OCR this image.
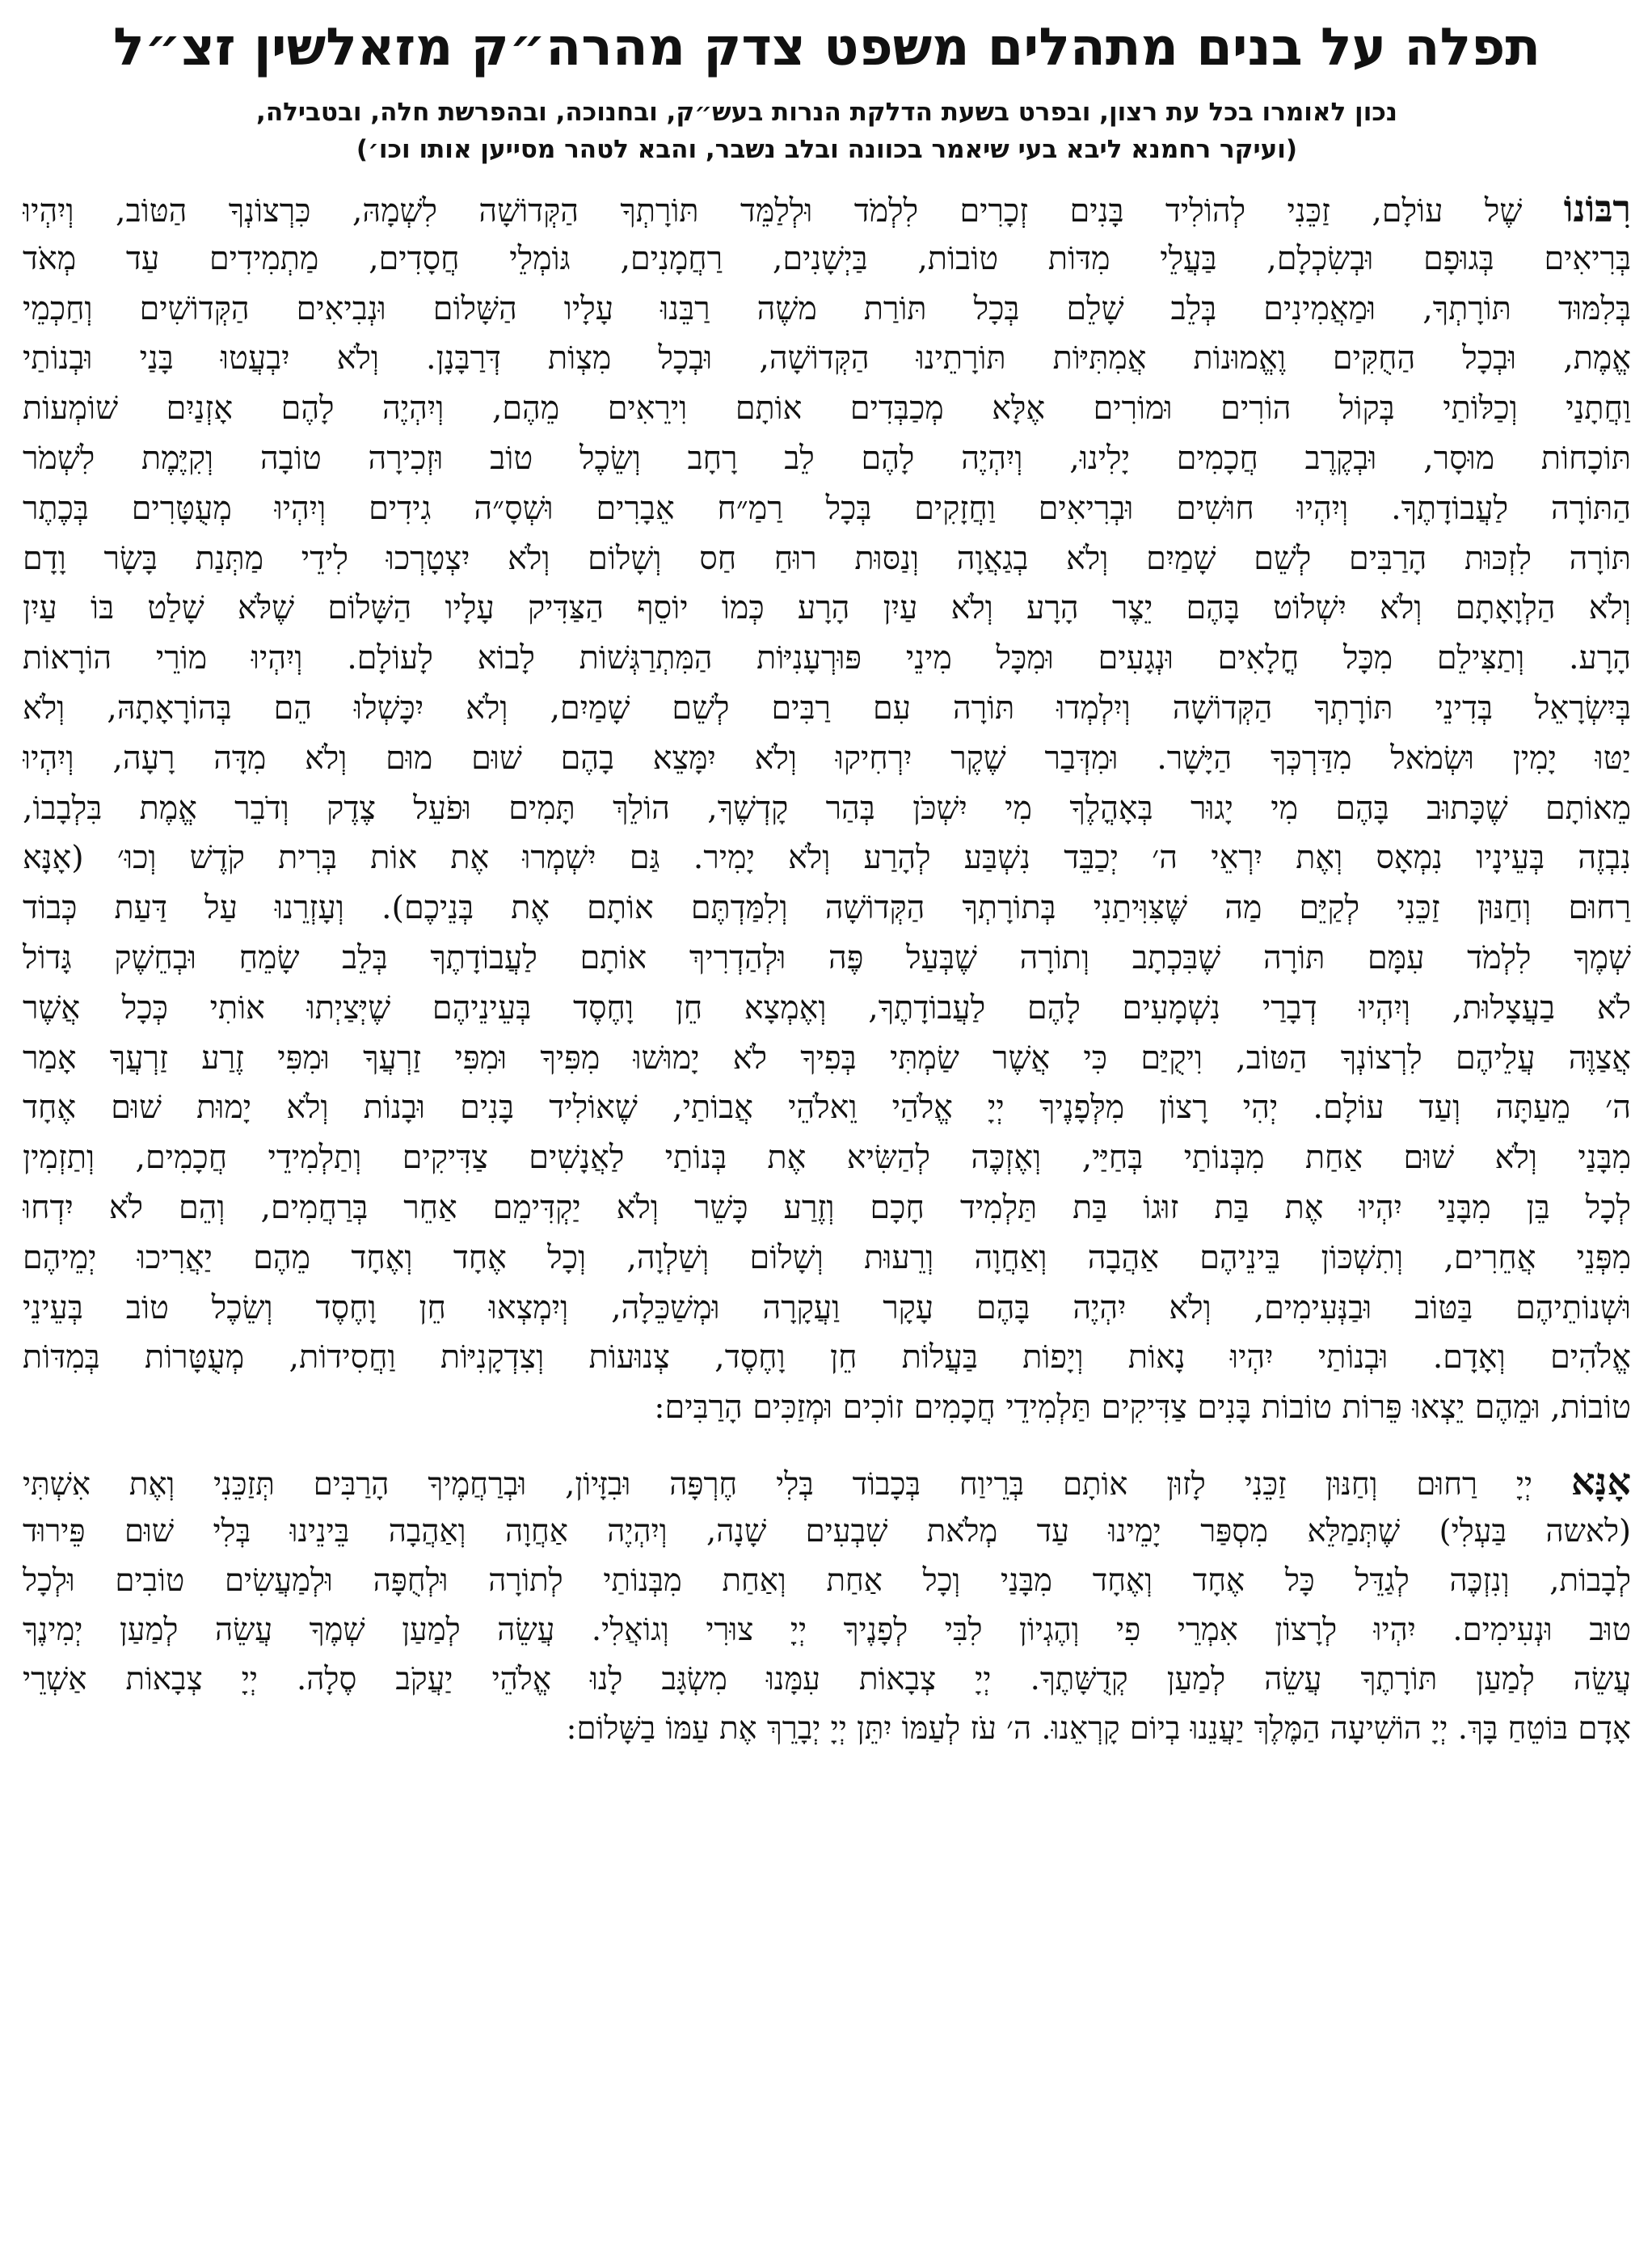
תפלה על בנים מתהלים משפט צדק מהרה״ק מזאלשין זצ״ל
נכון לאומרו בכל עת רצון, ובפרט בשעת הדלקת הנרות בעש״ק, ובחנוכה, ובהפרשת חלה, ובטבילה,
(ועיקר רחמנא ליבא בעי שיאמר בכוונה ובלב נשבר, והבא לטהר מסייען אותו וכו׳)
רִבּוֹנוֹ שֶׁל עוֹלָם, זַכֵּנִי לְהוֹלִיד בָּנִים זְכָרִים לִלְמֹד וּלְלַמֵּד תּוֹרָתְךָ הַקְּדוֹשָׁה לִשְׁמָהּ, כִּרְצוֹנְךָ הַטּוֹב, וְיִהְיוּ
בְּרִיאִים בְּגוּפָם וּבְשִׂכְלָם, בַּעֲלֵי מִדּוֹת טוֹבוֹת, בַּיְשָׁנִים, רַחֲמָנִים, גּוֹמְלֵי חֲסָדִים, מַתְמִידִים עַד מְאֹד
בְּלִמּוּד תּוֹרָתְךָ, וּמַאֲמִינִים בְּלֵב שָׁלֵם בְּכָל תּוֹרַת משֶׁה רַבֵּנוּ עָלָיו הַשָּׁלוֹם וּנְבִיאִים הַקְּדוֹשִׁים וְחַכְמֵי
אֱמֶת, וּבְכָל הַחֻקִּים וֶאֱמוּנוֹת אֲמִתִּיּוֹת תּוֹרָתֵינוּ הַקְּדוֹשָׁה, וּבְכָל מִצְוֹת דְּרַבָּנָן. וְלֹא יִבְעֲטוּ בָּנַי וּבְנוֹתַי
וַחֲתָנַי וְכַלּוֹתַי בְּקוֹל הוֹרִים וּמוֹרִים אֶלָּא מְכַבְּדִים אוֹתָם וִירֵאִים מֵהֶם, וְיִהְיֶה לָהֶם אָזְנַיִם שׁוֹמְעוֹת
תּוֹכָחוֹת מוּסָר, וּבְקֶרֶב חֲכָמִים יָלִינוּ, וְיִהְיֶה לָהֶם לֵב רָחָב וְשֵׂכֶל טוֹב וּזְכִירָה טוֹבָה וְקִיֶּמֶת לִשְׁמֹר
הַתּוֹרָה לַעֲבוֹדָתֶךָ. וְיִהְיוּ חוּשִׁים וּבְרִיאִים וַחֲזָקִים בְּכָל רַמַ״ח אֵבָרִים וּשְׁסָ״ה גִידִים וְיִהְיוּ מְעֻטָּרִים בְּכֶתֶר
תּוֹרָה לִזְכּוּת הָרַבִּים לְשֵׁם שָׁמַיִם וְלֹא בְגַאֲוָה וְנַסּוּת רוּחַ חַס וְשָׁלוֹם וְלֹא יִצְטָרְכוּ לִידֵי מַתְּנַת בָּשָׂר וָדָם
וְלֹא הַלְוָאָתָם וְלֹא יִשְׁלוֹט בָּהֶם יֵצֶר הָרָע וְלֹא עַיִן הָרָע כְּמוֹ יוֹסֵף הַצַּדִּיק עָלָיו הַשָּׁלוֹם שֶׁלֹּא שָׁלַט בּוֹ עַיִן
הָרָע. וְתַצִּילֵם מִכָּל חֳלָאִים וּנְגָעִים וּמִכָּל מִינֵי פּוּרְעָנִיּוֹת הַמִּתְרַגְּשׁוֹת לָבוֹא לָעוֹלָם. וְיִהְיוּ מוֹרֵי הוֹרָאוֹת
בְּיִשְׂרָאֵל בְּדִינֵי תּוֹרָתְךָ הַקְּדוֹשָׁה וְיִלְמְדוּ תּוֹרָה עִם רַבִּים לְשֵׁם שָׁמַיִם, וְלֹא יִכָּשְׁלוּ הֵם בְּהוֹרָאָתָהּ, וְלֹא
יַטּוּ יָמִין וּשְׂמֹאל מִדַּרְכְּךָ הַיָּשָׁר. וּמִדְּבַר שֶׁקֶר יִרְחִיקוּ וְלֹא יִמָּצֵא בָהֶם שׁוּם מוּם וְלֹא מִדָּה רָעָה, וְיִהְיוּ
מֵאוֹתָם שֶׁכָּתוּב בָּהֶם מִי יָגוּר בְּאָהֳלֶךָ מִי יִשְׁכֹּן בְּהַר קָדְשֶׁךָ, הוֹלֵךְ תָּמִים וּפֹעֵל צֶדֶק וְדֹבֵר אֱמֶת בִּלְבָבוֹ,
נִבְזֶה בְּעֵינָיו נִמְאָס וְאֶת יִרְאֵי ה׳ יְכַבֵּד נִשְׁבַּע לְהָרַע וְלֹא יָמִיר. גַּם יִשְׁמְרוּ אֶת אוֹת בְּרִית קֹדֶשׁ וְכוּ׳ (אָנָּא
רַחוּם וְחַנּוּן זַכֵּנִי לְקַיֵּם מַה שֶּׁצִּוִּיתַנִי בְּתוֹרָתְךָ הַקְּדוֹשָׁה וְלִמַּדְתֶּם אוֹתָם אֶת בְּנֵיכֶם). וְעָזְרֵנוּ עַל דַּעַת כְּבוֹד
שְׁמֶךָ לִלְמֹד עִמָּם תּוֹרָה שֶׁבִּכְתָב וְתוֹרָה שֶׁבְּעַל פֶּה וּלְהַדְרִיךְ אוֹתָם לַעֲבוֹדָתֶךָ בְּלֵב שָׂמֵחַ וּבְחֵשֶׁק גָּדוֹל
לֹא בַעֲצָלוּת, וְיִהְיוּ דְבָרַי נִשְׁמָעִים לָהֶם לַעֲבוֹדָתֶךָ, וְאֶמְצָא חֵן וָחֶסֶד בְּעֵינֵיהֶם שֶׁיְּצַיְתוּ אוֹתִי כְּכָל אֲשֶׁר
אֲצַוֶּה עֲלֵיהֶם לִרְצוֹנְךָ הַטּוֹב, וִיקֻיַּם כִּי אֲשֶׁר שַׂמְתִּי בְּפִיךָ לֹא יָמוּשׁוּ מִפִּיךָ וּמִפִּי זַרְעֲךָ וּמִפִּי זֶרַע זַרְעֲךָ אָמַר
ה׳ מֵעַתָּה וְעַד עוֹלָם. יְהִי רָצוֹן מִלְּפָנֶיךָ יְיָ אֱלֹהַי וֵאלֹהֵי אֲבוֹתַי, שֶׁאוֹלִיד בָּנִים וּבָנוֹת וְלֹא יָמוּת שׁוּם אֶחָד
מִבָּנַי וְלֹא שׁוּם אַחַת מִבְּנוֹתַי בְּחַיַּי, וְאֶזְכֶּה לְהַשִּׂיא אֶת בְּנוֹתַי לַאֲנָשִׁים צַדִּיקִים וְתַלְמִידֵי חֲכָמִים, וְתַזְמִין
לְכָל בֵּן מִבָּנַי יִהְיוּ אֶת בַּת זוּגוֹ בַּת תַּלְמִיד חָכָם וְזֶרַע כָּשֵׁר וְלֹא יַקְדִּימֵם אַחֵר בְּרַחֲמִים, וְהֵם לֹא יִדְחוּ
מִפְּנֵי אֲחֵרִים, וְתִשְׁכּוֹן בֵּינֵיהֶם אַהֲבָה וְאַחֲוָה וְרֵעוּת וְשָׁלוֹם וְשַׁלְוָה, וְכָל אֶחָד וְאֶחָד מֵהֶם יַאֲרִיכוּ יְמֵיהֶם
וּשְׁנוֹתֵיהֶם בַּטּוֹב וּבַנְּעִימִים, וְלֹא יִהְיֶה בָּהֶם עָקָר וַעֲקָרָה וּמְשַׁכֵּלָה, וְיִמְצְאוּ חֵן וָחֶסֶד וְשֵׂכֶל טוֹב בְּעֵינֵי
אֱלֹהִים וְאָדָם. וּבְנוֹתַי יִהְיוּ נָאוֹת וְיָפוֹת בַּעֲלוֹת חֵן וָחֶסֶד, צְנוּעוֹת וְצִדְקָנִיּוֹת וַחֲסִידוֹת, מְעֻטָּרוֹת בְּמִדּוֹת
טוֹבוֹת, וּמֵהֶם יֵצְאוּ פֵּרוֹת טוֹבוֹת בָּנִים צַדִּיקִים תַּלְמִידֵי חֲכָמִים זוֹכִים וּמְזַכִּים הָרַבִּים:
אָנָּא יְיָ רַחוּם וְחַנּוּן זַכֵּנִי לָזוּן אוֹתָם בְּרֵיוַח בְּכָבוֹד בְּלִי חֶרְפָּה וּבִזָּיוֹן, וּבְרַחֲמֶיךָ הָרַבִּים תְּזַכֵּנִי וְאֶת אִשְׁתִּי
(לאשה בַּעְלִי) שֶׁתְּמַלֵּא מִסְפַּר יָמֵינוּ עַד מְלֹאת שִׁבְעִים שָׁנָה, וְיִהְיֶה אַחֲוָה וְאַהֲבָה בֵּינֵינוּ בְּלִי שׁוּם פֵּירוּד
לְבָבוֹת, וְנִזְכֶּה לְגַדֵּל כָּל אֶחָד וְאֶחָד מִבָּנַי וְכָל אַחַת וְאַחַת מִבְּנוֹתַי לְתוֹרָה וּלְחֻפָּה וּלְמַעֲשִׂים טוֹבִים וּלְכָל
טוּב וּנְעִימִים. יִהְיוּ לְרָצוֹן אִמְרֵי פִי וְהֶגְיוֹן לִבִּי לְפָנֶיךָ יְיָ צוּרִי וְגוֹאֲלִי. עֲשֵׂה לְמַעַן שְׁמֶךָ עֲשֵׂה לְמַעַן יְמִינֶךָ
עֲשֵׂה לְמַעַן תּוֹרָתֶךָ עֲשֵׂה לְמַעַן קְדֻשָּׁתֶךָ. יְיָ צְבָאוֹת עִמָּנוּ מִשְׂגָּב לָנוּ אֱלֹהֵי יַעֲקֹב סֶלָה. יְיָ צְבָאוֹת אַשְׁרֵי
אָדָם בּוֹטֵחַ בָּךְ. יְיָ הוֹשִׁיעָה הַמֶּלֶךְ יַעֲנֵנוּ בְיוֹם קָרְאֵנוּ. ה׳ עֹז לְעַמּוֹ יִתֵּן יְיָ יְבָרֵךְ אֶת עַמּוֹ בַשָּׁלוֹם:
